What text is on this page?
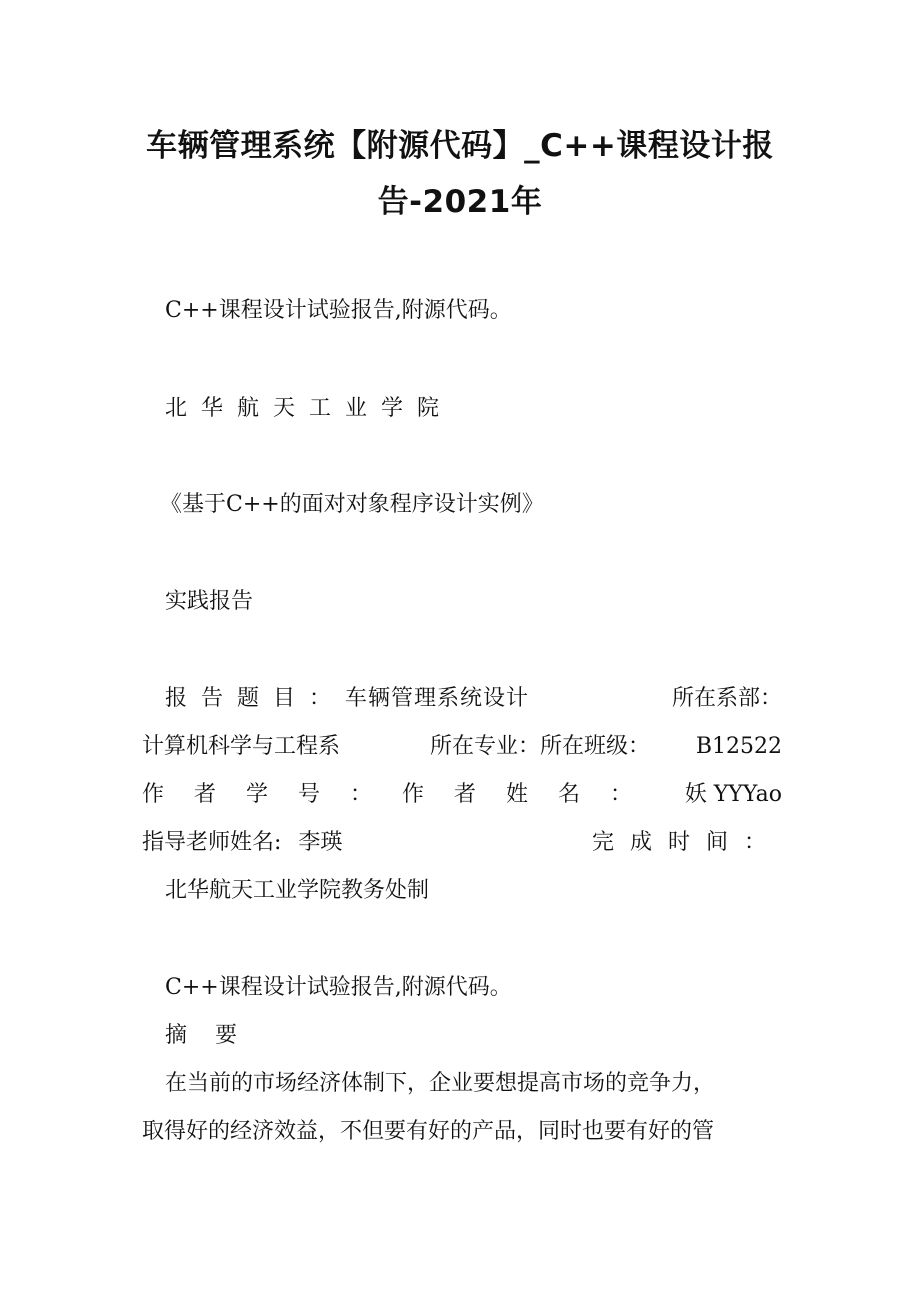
车辆管理系统【附源代码】_C++课程设计报
告-2021年
C++课程设计试验报告,附源代码。
北华航天工业学院
《基于C++的面对对象程序设计实例》
实践报告
报告题目：车辆管理系统设计	所在系部：
计算机科学与工程系	所在专业： 所在班级： B12522
作者学号： 作者姓名： 妖 YYYao
指导老师姓名: 李瑛	完成时间：
北华航天工业学院教务处制
C++课程设计试验报告,附源代码。
摘    要
在当前的市场经济体制下，企业要想提高市场的竞争力，
取得好的经济效益，不但要有好的产品，同时也要有好的管
